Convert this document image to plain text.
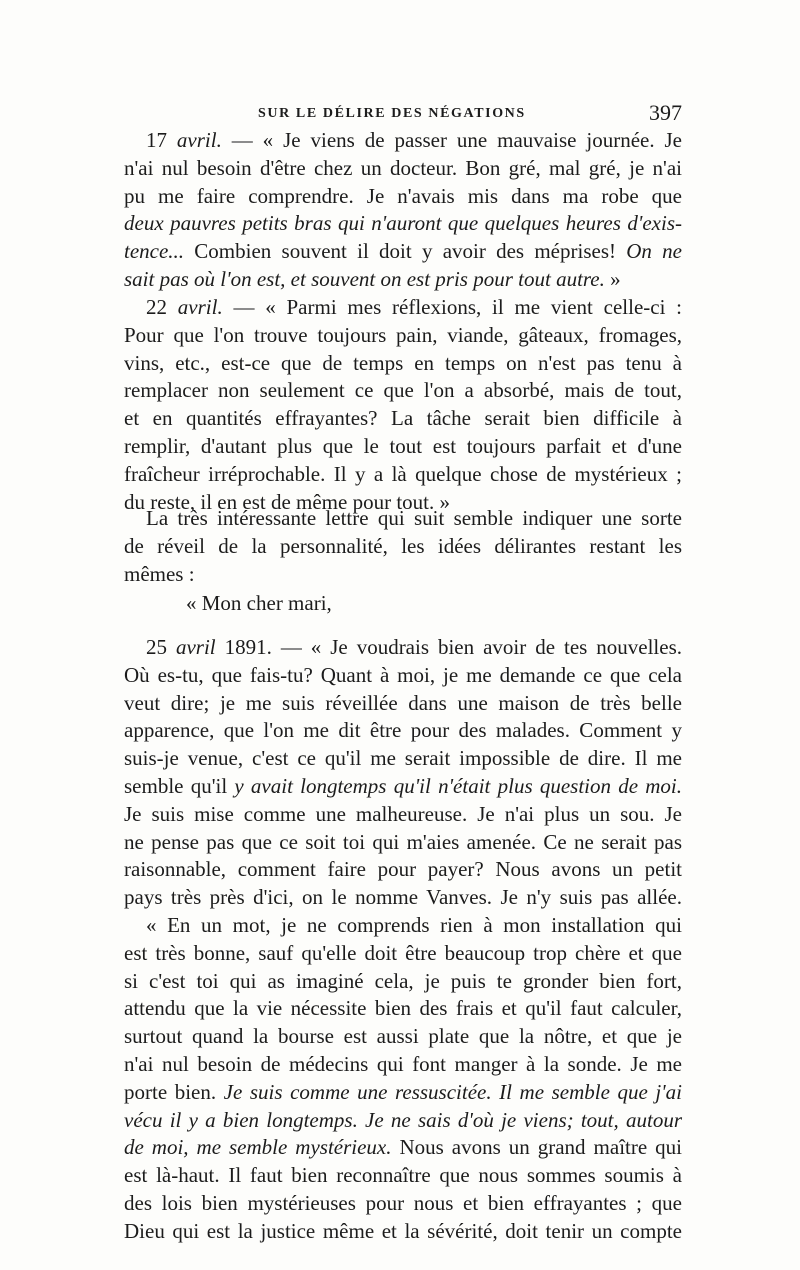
SUR LE DÉLIRE DES NÉGATIONS	397
17 avril. — « Je viens de passer une mauvaise journée. Je
n'ai nul besoin d'être chez un docteur. Bon gré, mal gré, je n'ai
pu me faire comprendre. Je n'avais mis dans ma robe que
deux pauvres petits bras qui n'auront que quelques heures d'exis-
tence... Combien souvent il doit y avoir des méprises! On ne
sait pas où l'on est, et souvent on est pris pour tout autre. »
22 avril. — « Parmi mes réflexions, il me vient celle-ci :
Pour que l'on trouve toujours pain, viande, gâteaux, fromages,
vins, etc., est-ce que de temps en temps on n'est pas tenu à
remplacer non seulement ce que l'on a absorbé, mais de tout,
et en quantités effrayantes? La tâche serait bien difficile à
remplir, d'autant plus que le tout est toujours parfait et d'une
fraîcheur irréprochable. Il y a là quelque chose de mystérieux ;
du reste, il en est de même pour tout. »
La très intéressante lettre qui suit semble indiquer une sorte
de réveil de la personnalité, les idées délirantes restant les
mêmes :
« Mon cher mari,
25 avril 1891. — « Je voudrais bien avoir de tes nouvelles.
Où es-tu, que fais-tu? Quant à moi, je me demande ce que cela
veut dire; je me suis réveillée dans une maison de très belle
apparence, que l'on me dit être pour des malades. Comment y
suis-je venue, c'est ce qu'il me serait impossible de dire. Il me
semble qu'il y avait longtemps qu'il n'était plus question de moi.
Je suis mise comme une malheureuse. Je n'ai plus un sou. Je
ne pense pas que ce soit toi qui m'aies amenée. Ce ne serait pas
raisonnable, comment faire pour payer? Nous avons un petit
pays très près d'ici, on le nomme Vanves. Je n'y suis pas allée.
« En un mot, je ne comprends rien à mon installation qui
est très bonne, sauf qu'elle doit être beaucoup trop chère et que
si c'est toi qui as imaginé cela, je puis te gronder bien fort,
attendu que la vie nécessite bien des frais et qu'il faut calculer,
surtout quand la bourse est aussi plate que la nôtre, et que je
n'ai nul besoin de médecins qui font manger à la sonde. Je me
porte bien. Je suis comme une ressuscitée. Il me semble que j'ai
vécu il y a bien longtemps. Je ne sais d'où je viens; tout, autour
de moi, me semble mystérieux. Nous avons un grand maître qui
est là-haut. Il faut bien reconnaître que nous sommes soumis à
des lois bien mystérieuses pour nous et bien effrayantes ; que
Dieu qui est la justice même et la sévérité, doit tenir un compte
